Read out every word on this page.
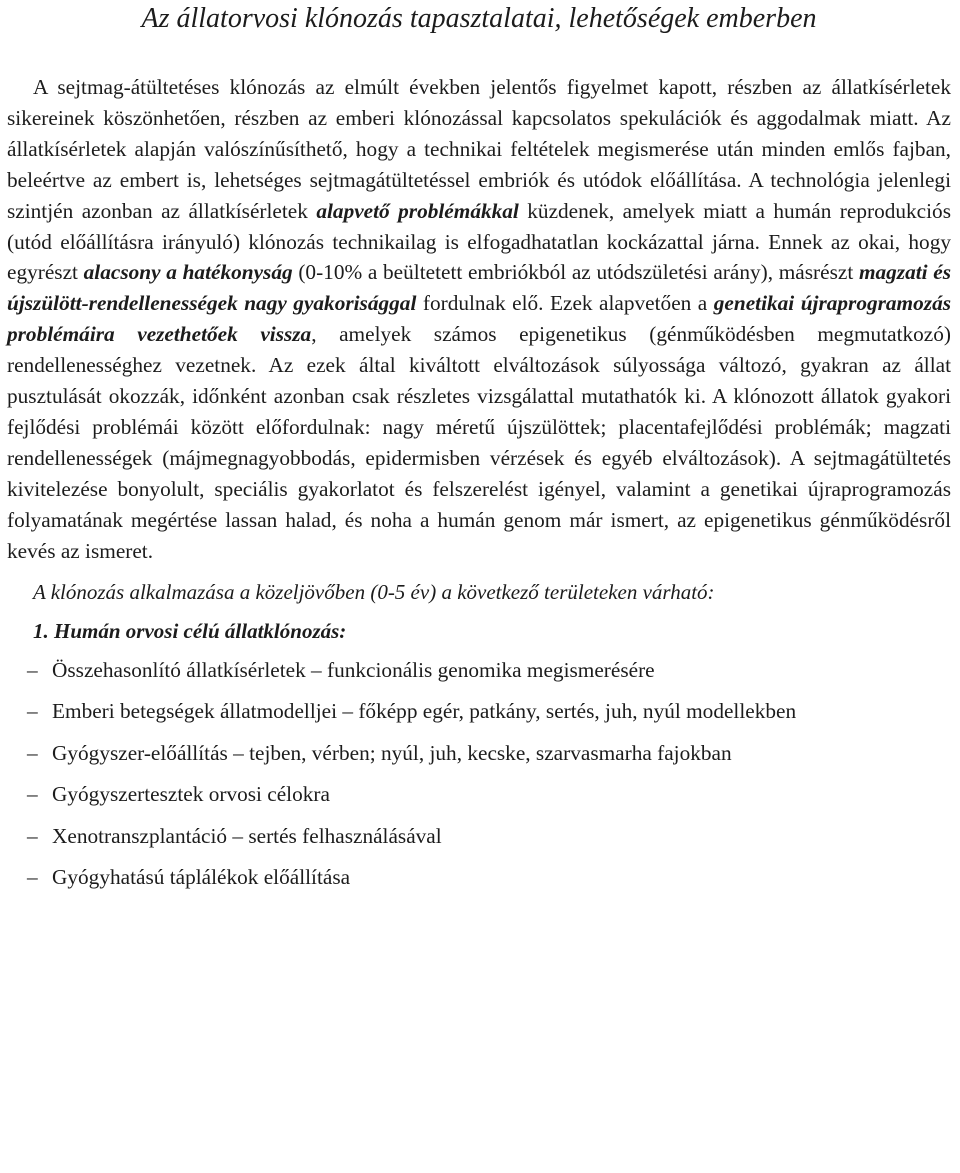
Az állatorvosi klónozás tapasztalatai, lehetőségek emberben

A sejtmag-átültetéses klónozás az elmúlt években jelentős figyelmet kapott, részben az állatkísérletek sikereinek köszönhetően, részben az emberi klónozással kapcsolatos spekulációk és aggodalmak miatt. Az állatkísérletek alapján valószínűsíthető, hogy a technikai feltételek megismerése után minden emlős fajban, beleértve az embert is, lehetséges sejtmagátültetéssel embriók és utódok előállítása. A technológia jelenlegi szintjén azonban az állatkísérletek alapvető problémákkal küzdenek, amelyek miatt a humán reprodukciós (utód előállításra irányuló) klónozás technikailag is elfogadhatatlan kockázattal járna. Ennek az okai, hogy egyrészt alacsony a hatékonyság (0-10% a beültetett embriókból az utódszületési arány), másrészt magzati és újszülött-rendellenességek nagy gyakorisággal fordulnak elő. Ezek alapvetően a genetikai újraprogramozás problémáira vezethetőek vissza, amelyek számos epigenetikus (génműködésben megmutatkozó) rendellenességhez vezetnek. Az ezek által kiváltott elváltozások súlyossága változó, gyakran az állat pusztulását okozzák, időnként azonban csak részletes vizsgálattal mutathatók ki. A klónozott állatok gyakori fejlődési problémái között előfordulnak: nagy méretű újszülöttek; placentafejlődési problémák; magzati rendellenességek (májmegnagyobbodás, epidermisben vérzések és egyéb elváltozások). A sejtmagátültetés kivitelezése bonyolult, speciális gyakorlatot és felszerelést igényel, valamint a genetikai újraprogramozás folyamatának megértése lassan halad, és noha a humán genom már ismert, az epigenetikus génműködésről kevés az ismeret.

A klónozás alkalmazása a közeljövőben (0-5 év) a következő területeken várható:

1. Humán orvosi célú állatklónozás:
– Összehasonlító állatkísérletek – funkcionális genomika megismerésére
– Emberi betegségek állatmodelljei – főképp egér, patkány, sertés, juh, nyúl modellekben
– Gyógyszer-előállítás – tejben, vérben; nyúl, juh, kecske, szarvasmarha fajokban
– Gyógyszertesztek orvosi célokra
– Xenotranszplantáció – sertés felhasználásával
– Gyógyhatású táplálékok előállítása
